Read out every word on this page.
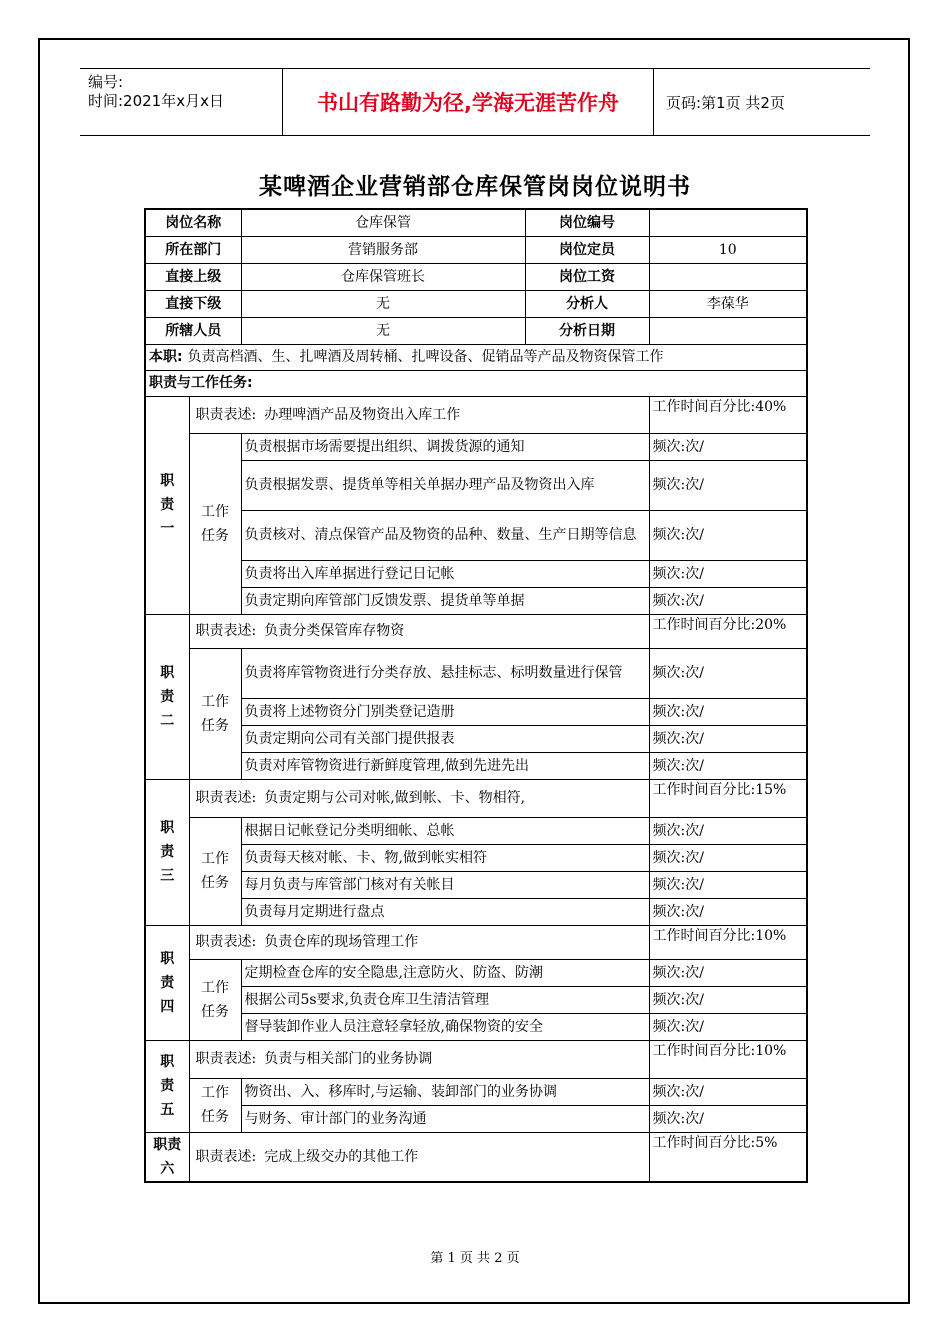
编号:
时间:2021年x月x日	书山有路勤为径,学海无涯苦作舟	页码:第1页 共2页
某啤酒企业营销部仓库保管岗岗位说明书
岗位名称		仓库保管	岗位编号	
所在部门		营销服务部	岗位定员	10
直接上级		仓库保管班长	岗位工资	
直接下级		无	分析人	李葆华
所辖人员		无	分析日期	
本职: 负责高档酒、生、扎啤酒及周转桶、扎啤设备、促销品等产品及物资保管工作				
职责与工作任务:				
职责一	职责表述: 办理啤酒产品及物资出入库工作			工作时间百分比:40%
	工作任务	负责根据市场需要提出组织、调拨货源的通知		频次:次/
		负责根据发票、提货单等相关单据办理产品及物资出入库		频次:次/
		负责核对、清点保管产品及物资的品种、数量、生产日期等信息		频次:次/
		负责将出入库单据进行登记日记帐		频次:次/
		负责定期向库管部门反馈发票、提货单等单据		频次:次/
职责二	职责表述: 负责分类保管库存物资			工作时间百分比:20%
	工作任务	负责将库管物资进行分类存放、悬挂标志、标明数量进行保管		频次:次/
		负责将上述物资分门别类登记造册		频次:次/
		负责定期向公司有关部门提供报表		频次:次/
		负责对库管物资进行新鲜度管理,做到先进先出		频次:次/
职责三	职责表述: 负责定期与公司对帐,做到帐、卡、物相符,			工作时间百分比:15%
	工作任务	根据日记帐登记分类明细帐、总帐		频次:次/
		负责每天核对帐、卡、物,做到帐实相符		频次:次/
		每月负责与库管部门核对有关帐目		频次:次/
		负责每月定期进行盘点		频次:次/
职责四	职责表述: 负责仓库的现场管理工作			工作时间百分比:10%
	工作任务	定期检查仓库的安全隐患,注意防火、防盗、防潮		频次:次/
		根据公司5s要求,负责仓库卫生清洁管理		频次:次/
		督导装卸作业人员注意轻拿轻放,确保物资的安全		频次:次/
职责五	职责表述: 负责与相关部门的业务协调			工作时间百分比:10%
	工作任务	物资出、入、移库时,与运输、装卸部门的业务协调		频次:次/
		与财务、审计部门的业务沟通		频次:次/
职责六	职责表述: 完成上级交办的其他工作			工作时间百分比:5%
第 1 页 共 2 页
